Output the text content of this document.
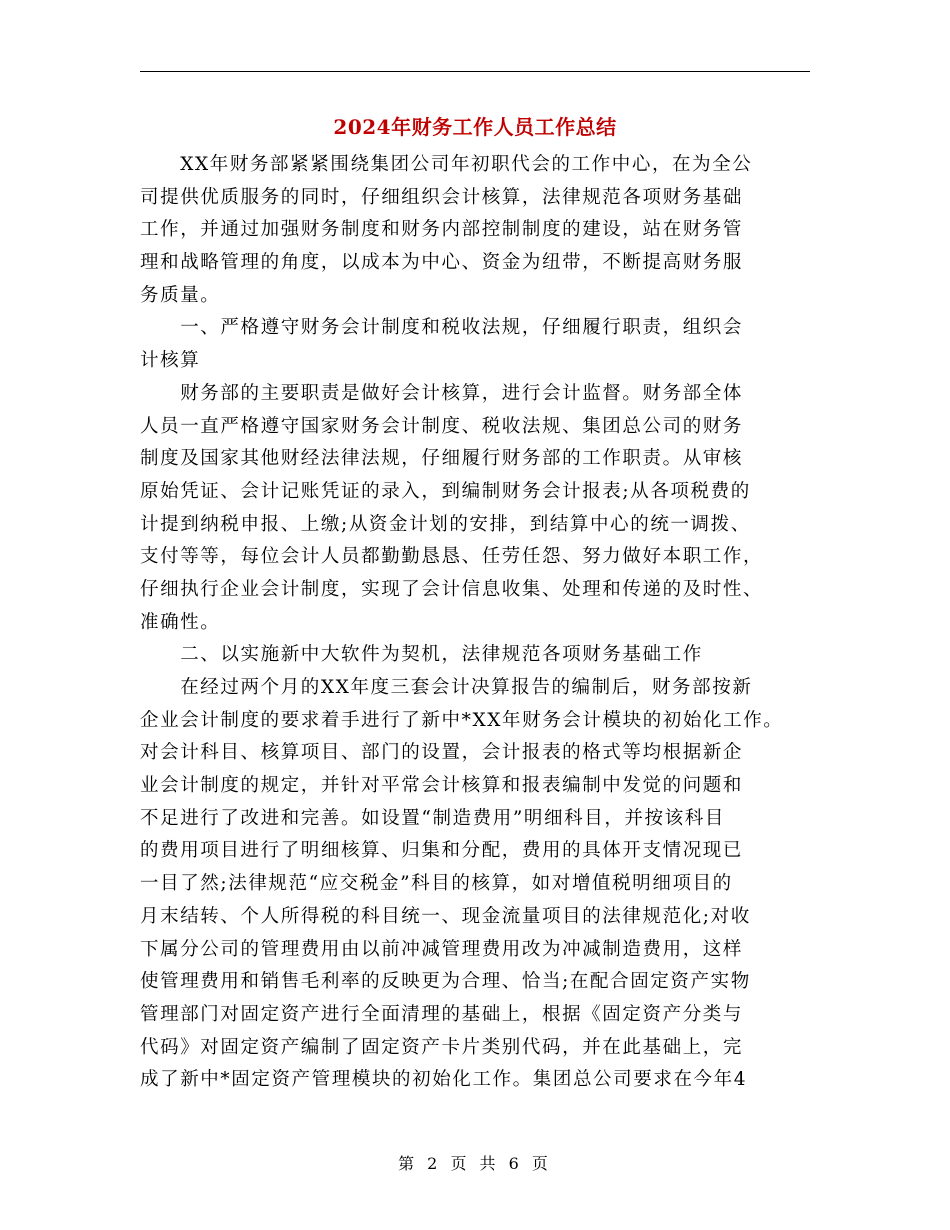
2024年财务工作人员工作总结
　　XX年财务部紧紧围绕集团公司年初职代会的工作中心，在为全公
司提供优质服务的同时，仔细组织会计核算，法律规范各项财务基础
工作，并通过加强财务制度和财务内部控制制度的建设，站在财务管
理和战略管理的角度，以成本为中心、资金为纽带，不断提高财务服
务质量。
　　一、严格遵守财务会计制度和税收法规，仔细履行职责，组织会
计核算
　　财务部的主要职责是做好会计核算，进行会计监督。财务部全体
人员一直严格遵守国家财务会计制度、税收法规、集团总公司的财务
制度及国家其他财经法律法规，仔细履行财务部的工作职责。从审核
原始凭证、会计记账凭证的录入，到编制财务会计报表;从各项税费的
计提到纳税申报、上缴;从资金计划的安排，到结算中心的统一调拨、
支付等等，每位会计人员都勤勤恳恳、任劳任怨、努力做好本职工作，
仔细执行企业会计制度，实现了会计信息收集、处理和传递的及时性、
准确性。
　　二、以实施新中大软件为契机，法律规范各项财务基础工作
　　在经过两个月的XX年度三套会计决算报告的编制后，财务部按新
企业会计制度的要求着手进行了新中*XX年财务会计模块的初始化工作。
对会计科目、核算项目、部门的设置，会计报表的格式等均根据新企
业会计制度的规定，并针对平常会计核算和报表编制中发觉的问题和
不足进行了改进和完善。如设置“制造费用”明细科目，并按该科目
的费用项目进行了明细核算、归集和分配，费用的具体开支情况现已
一目了然;法律规范“应交税金”科目的核算，如对增值税明细项目的
月末结转、个人所得税的科目统一、现金流量项目的法律规范化;对收
下属分公司的管理费用由以前冲减管理费用改为冲减制造费用，这样
使管理费用和销售毛利率的反映更为合理、恰当;在配合固定资产实物
管理部门对固定资产进行全面清理的基础上，根据《固定资产分类与
代码》对固定资产编制了固定资产卡片类别代码，并在此基础上，完
成了新中*固定资产管理模块的初始化工作。集团总公司要求在今年4
第 2 页 共 6 页
